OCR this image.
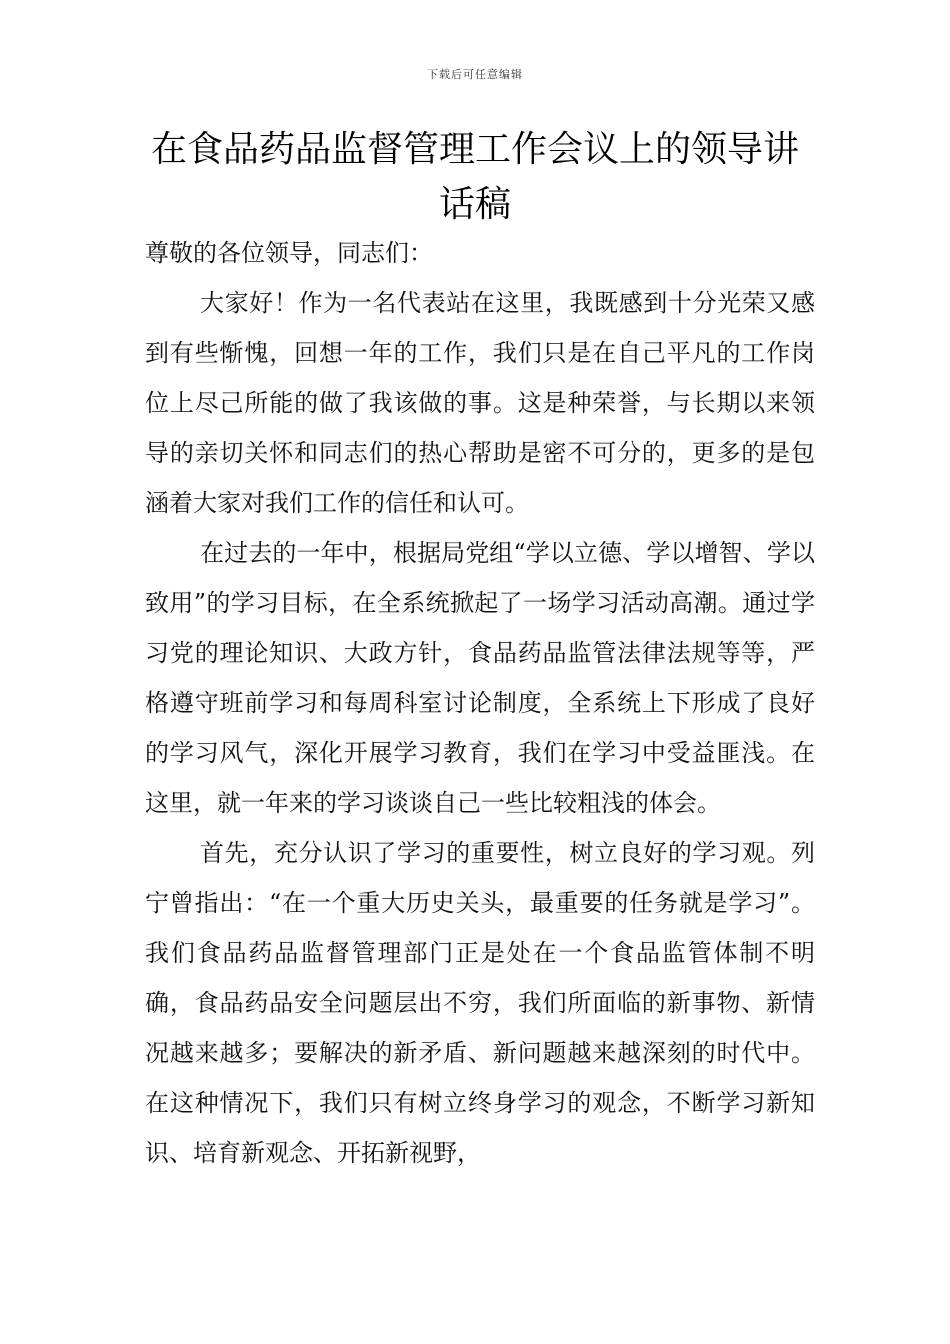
下载后可任意编辑
在食品药品监督管理工作会议上的领导讲
话稿

尊敬的各位领导，同志们：

大家好！作为一名代表站在这里，我既感到十分光荣又感到有些惭愧，回想一年的工作，我们只是在自己平凡的工作岗位上尽己所能的做了我该做的事。这是种荣誉，与长期以来领导的亲切关怀和同志们的热心帮助是密不可分的，更多的是包涵着大家对我们工作的信任和认可。

在过去的一年中，根据局党组“学以立德、学以增智、学以致用”的学习目标，在全系统掀起了一场学习活动高潮。通过学习党的理论知识、大政方针，食品药品监管法律法规等等，严格遵守班前学习和每周科室讨论制度，全系统上下形成了良好的学习风气，深化开展学习教育，我们在学习中受益匪浅。在这里，就一年来的学习谈谈自己一些比较粗浅的体会。

首先，充分认识了学习的重要性，树立良好的学习观。列宁曾指出：“在一个重大历史关头，最重要的任务就是学习”。我们食品药品监督管理部门正是处在一个食品监管体制不明确，食品药品安全问题层出不穷，我们所面临的新事物、新情况越来越多；要解决的新矛盾、新问题越来越深刻的时代中。在这种情况下，我们只有树立终身学习的观念，不断学习新知识、培育新观念、开拓新视野，
